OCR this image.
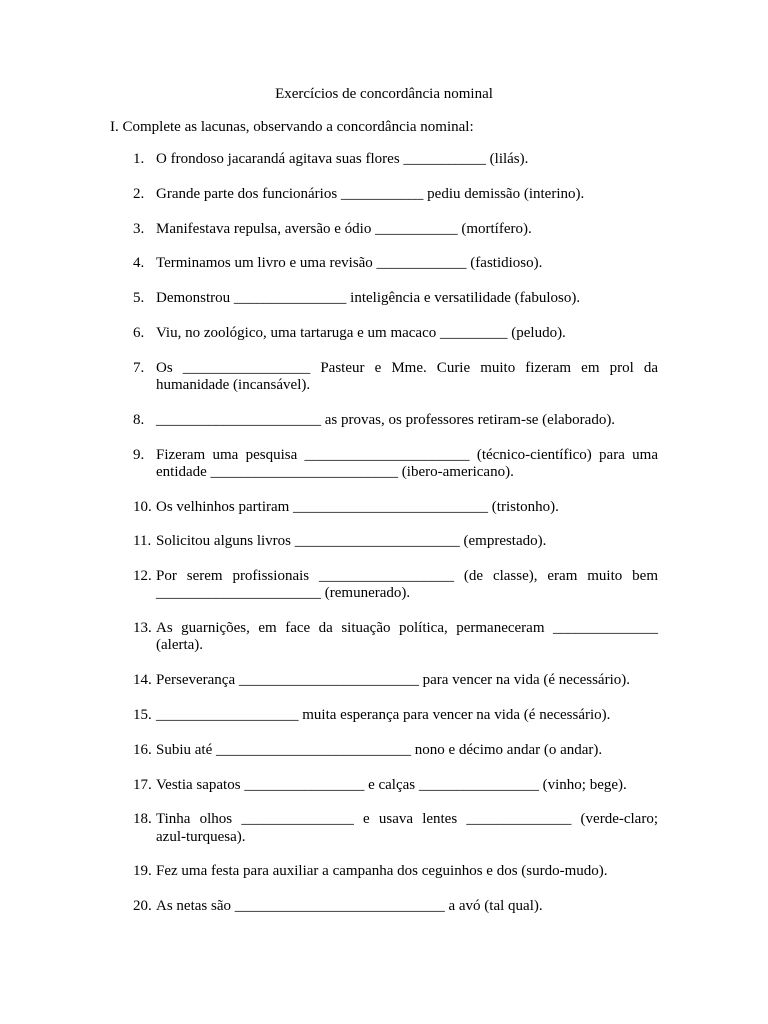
Exercícios de concordância nominal
I. Complete as lacunas, observando a concordância nominal:
1. O frondoso jacarandá agitava suas flores ___________ (lilás).
2. Grande parte dos funcionários ___________ pediu demissão (interino).
3. Manifestava repulsa, aversão e ódio ___________ (mortífero).
4. Terminamos um livro e uma revisão ____________ (fastidioso).
5. Demonstrou _______________ inteligência e versatilidade (fabuloso).
6. Viu, no zoológico, uma tartaruga e um macaco _________ (peludo).
7. Os _________________ Pasteur e Mme. Curie muito fizeram em prol da
humanidade (incansável).
8. ______________________ as provas, os professores retiram-se (elaborado).
9. Fizeram uma pesquisa ______________________ (técnico-científico) para uma
entidade _________________________ (ibero-americano).
10. Os velhinhos partiram __________________________ (tristonho).
11. Solicitou alguns livros ______________________ (emprestado).
12. Por serem profissionais __________________ (de classe), eram muito bem
______________________ (remunerado).
13. As guarnições, em face da situação política, permaneceram ______________
(alerta).
14. Perseverança ________________________ para vencer na vida (é necessário).
15. ___________________ muita esperança para vencer na vida (é necessário).
16. Subiu até __________________________ nono e décimo andar (o andar).
17. Vestia sapatos ________________ e calças ________________ (vinho; bege).
18. Tinha olhos _______________ e usava lentes ______________ (verde-claro;
azul-turquesa).
19. Fez uma festa para auxiliar a campanha dos ceguinhos e dos (surdo-mudo).
20. As netas são ____________________________ a avó (tal qual).
